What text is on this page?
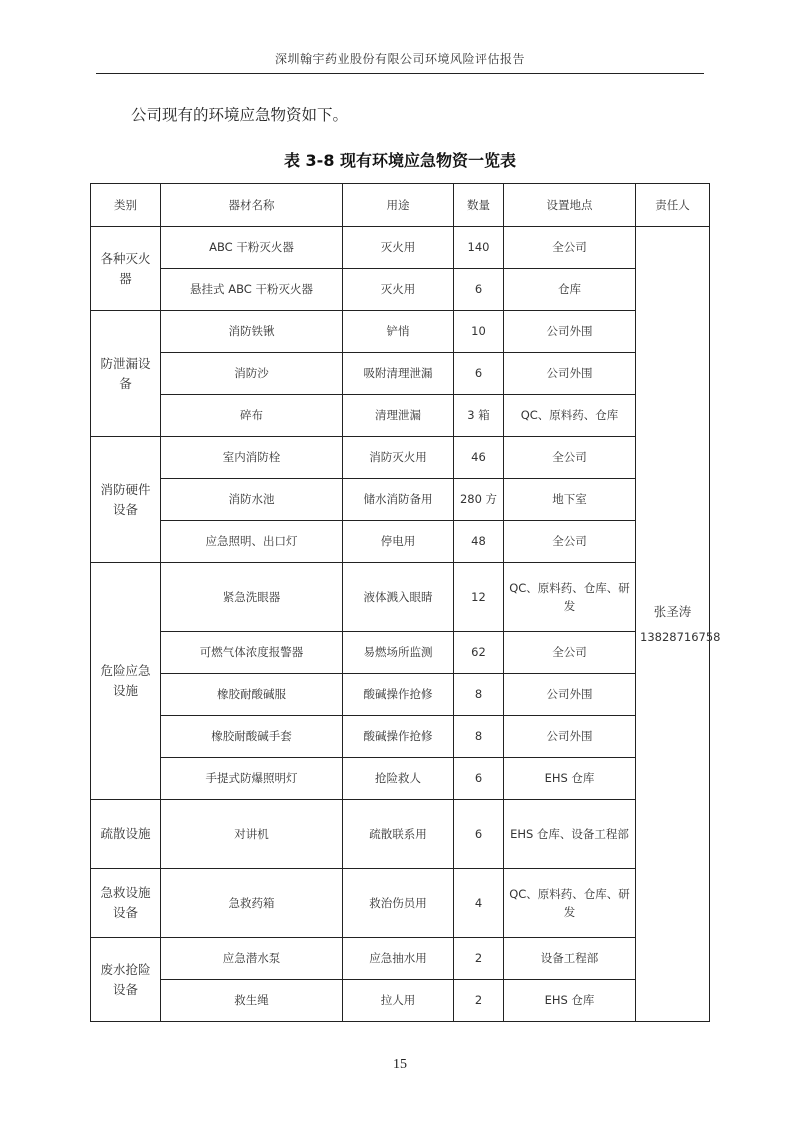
深圳翰宇药业股份有限公司环境风险评估报告
公司现有的环境应急物资如下。
表 3-8 现有环境应急物资一览表
类别	器材名称	用途	数量	设置地点	责任人
各种灭火器	ABC 干粉灭火器	灭火用	140	全公司	张圣涛
13828716758

	悬挂式 ABC 干粉灭火器	灭火用	6	仓库	
防泄漏设备	消防铁锹	铲悄	10	公司外围	
	消防沙	吸附清理泄漏	6	公司外围	
	碎布	清理泄漏	3 箱	QC、原料药、仓库	
消防硬件设备	室内消防栓	消防灭火用	46	全公司	
	消防水池	储水消防备用	280 方	地下室	
	应急照明、出口灯	停电用	48	全公司	
危险应急设施	紧急洗眼器	液体溅入眼睛	12	QC、原料药、仓库、研发	
	可燃气体浓度报警器	易燃场所监测	62	全公司	
	橡胶耐酸碱服	酸碱操作抢修	8	公司外围	
	橡胶耐酸碱手套	酸碱操作抢修	8	公司外围	
	手提式防爆照明灯	抢险救人	6	EHS 仓库	
疏散设施	对讲机	疏散联系用	6	EHS 仓库、设备工程部	
急救设施设备	急救药箱	救治伤员用	4	QC、原料药、仓库、研发	
废水抢险设备	应急潜水泵	应急抽水用	2	设备工程部	
	救生绳	拉人用	2	EHS 仓库	
15
